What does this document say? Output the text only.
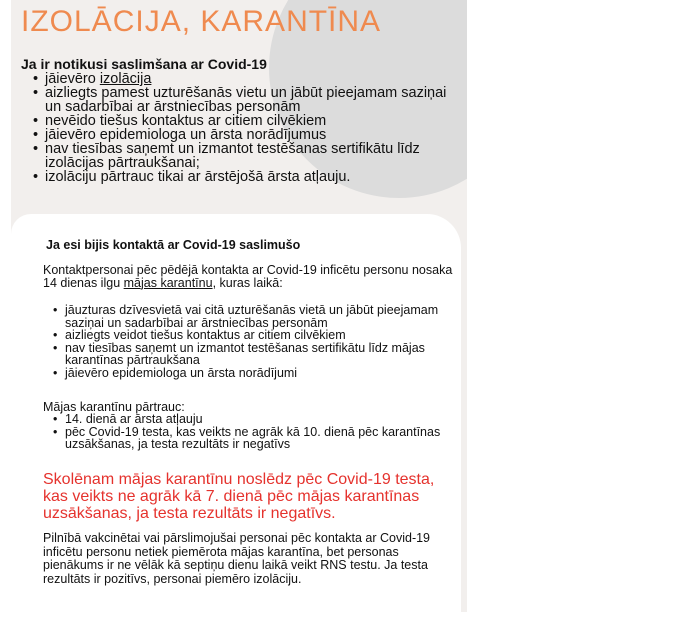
IZOLĀCIJA, KARANTĪNA
Ja ir notikusi saslimšana ar Covid-19
• jāievēro izolācija
• aizliegts pamest uzturēšanās vietu un jābūt pieejamam saziņai un sadarbībai ar ārstniecības personām
• nevēido tiešus kontaktus ar citiem cilvēkiem
• jāievēro epidemiologa un ārsta norādījumus
• nav tiesības saņemt un izmantot testēšanas sertifikātu līdz izolācijas pārtraukšanai;
• izolāciju pārtrauc tikai ar ārstējošā ārsta atļauju.
Ja esi bijis kontaktā ar Covid-19 saslimušo
Kontaktpersonai pēc pēdējā kontakta ar Covid-19 inficētu personu nosaka 14 dienas ilgu mājas karantīnu, kuras laikā:
• jāuzturas dzīvesvietā vai citā uzturēšanās vietā un jābūt pieejamam saziņai un sadarbībai ar ārstniecības personām
• aizliegts veidot tiešus kontaktus ar citiem cilvēkiem
• nav tiesības saņemt un izmantot testēšanas sertifikātu līdz mājas karantīnas pārtraukšana
• jāievēro epidemiologa un ārsta norādījumi
Mājas karantīnu pārtrauc:
• 14. dienā ar ārsta atļauju
• pēc Covid-19 testa, kas veikts ne agrāk kā 10. dienā pēc karantīnas uzsākšanas, ja testa rezultāts ir negatīvs
Skolēnam mājas karantīnu noslēdz pēc Covid-19 testa, kas veikts ne agrāk kā 7. dienā pēc mājas karantīnas uzsākšanas, ja testa rezultāts ir negatīvs.
Pilnībā vakcinētai vai pārslimojušai personai pēc kontakta ar Covid-19 inficētu personu netiek piemērota mājas karantīna, bet personas pienākums ir ne vēlāk kā septiņu dienu laikā veikt RNS testu. Ja testa rezultāts ir pozitīvs, personai piemēro izolāciju.
